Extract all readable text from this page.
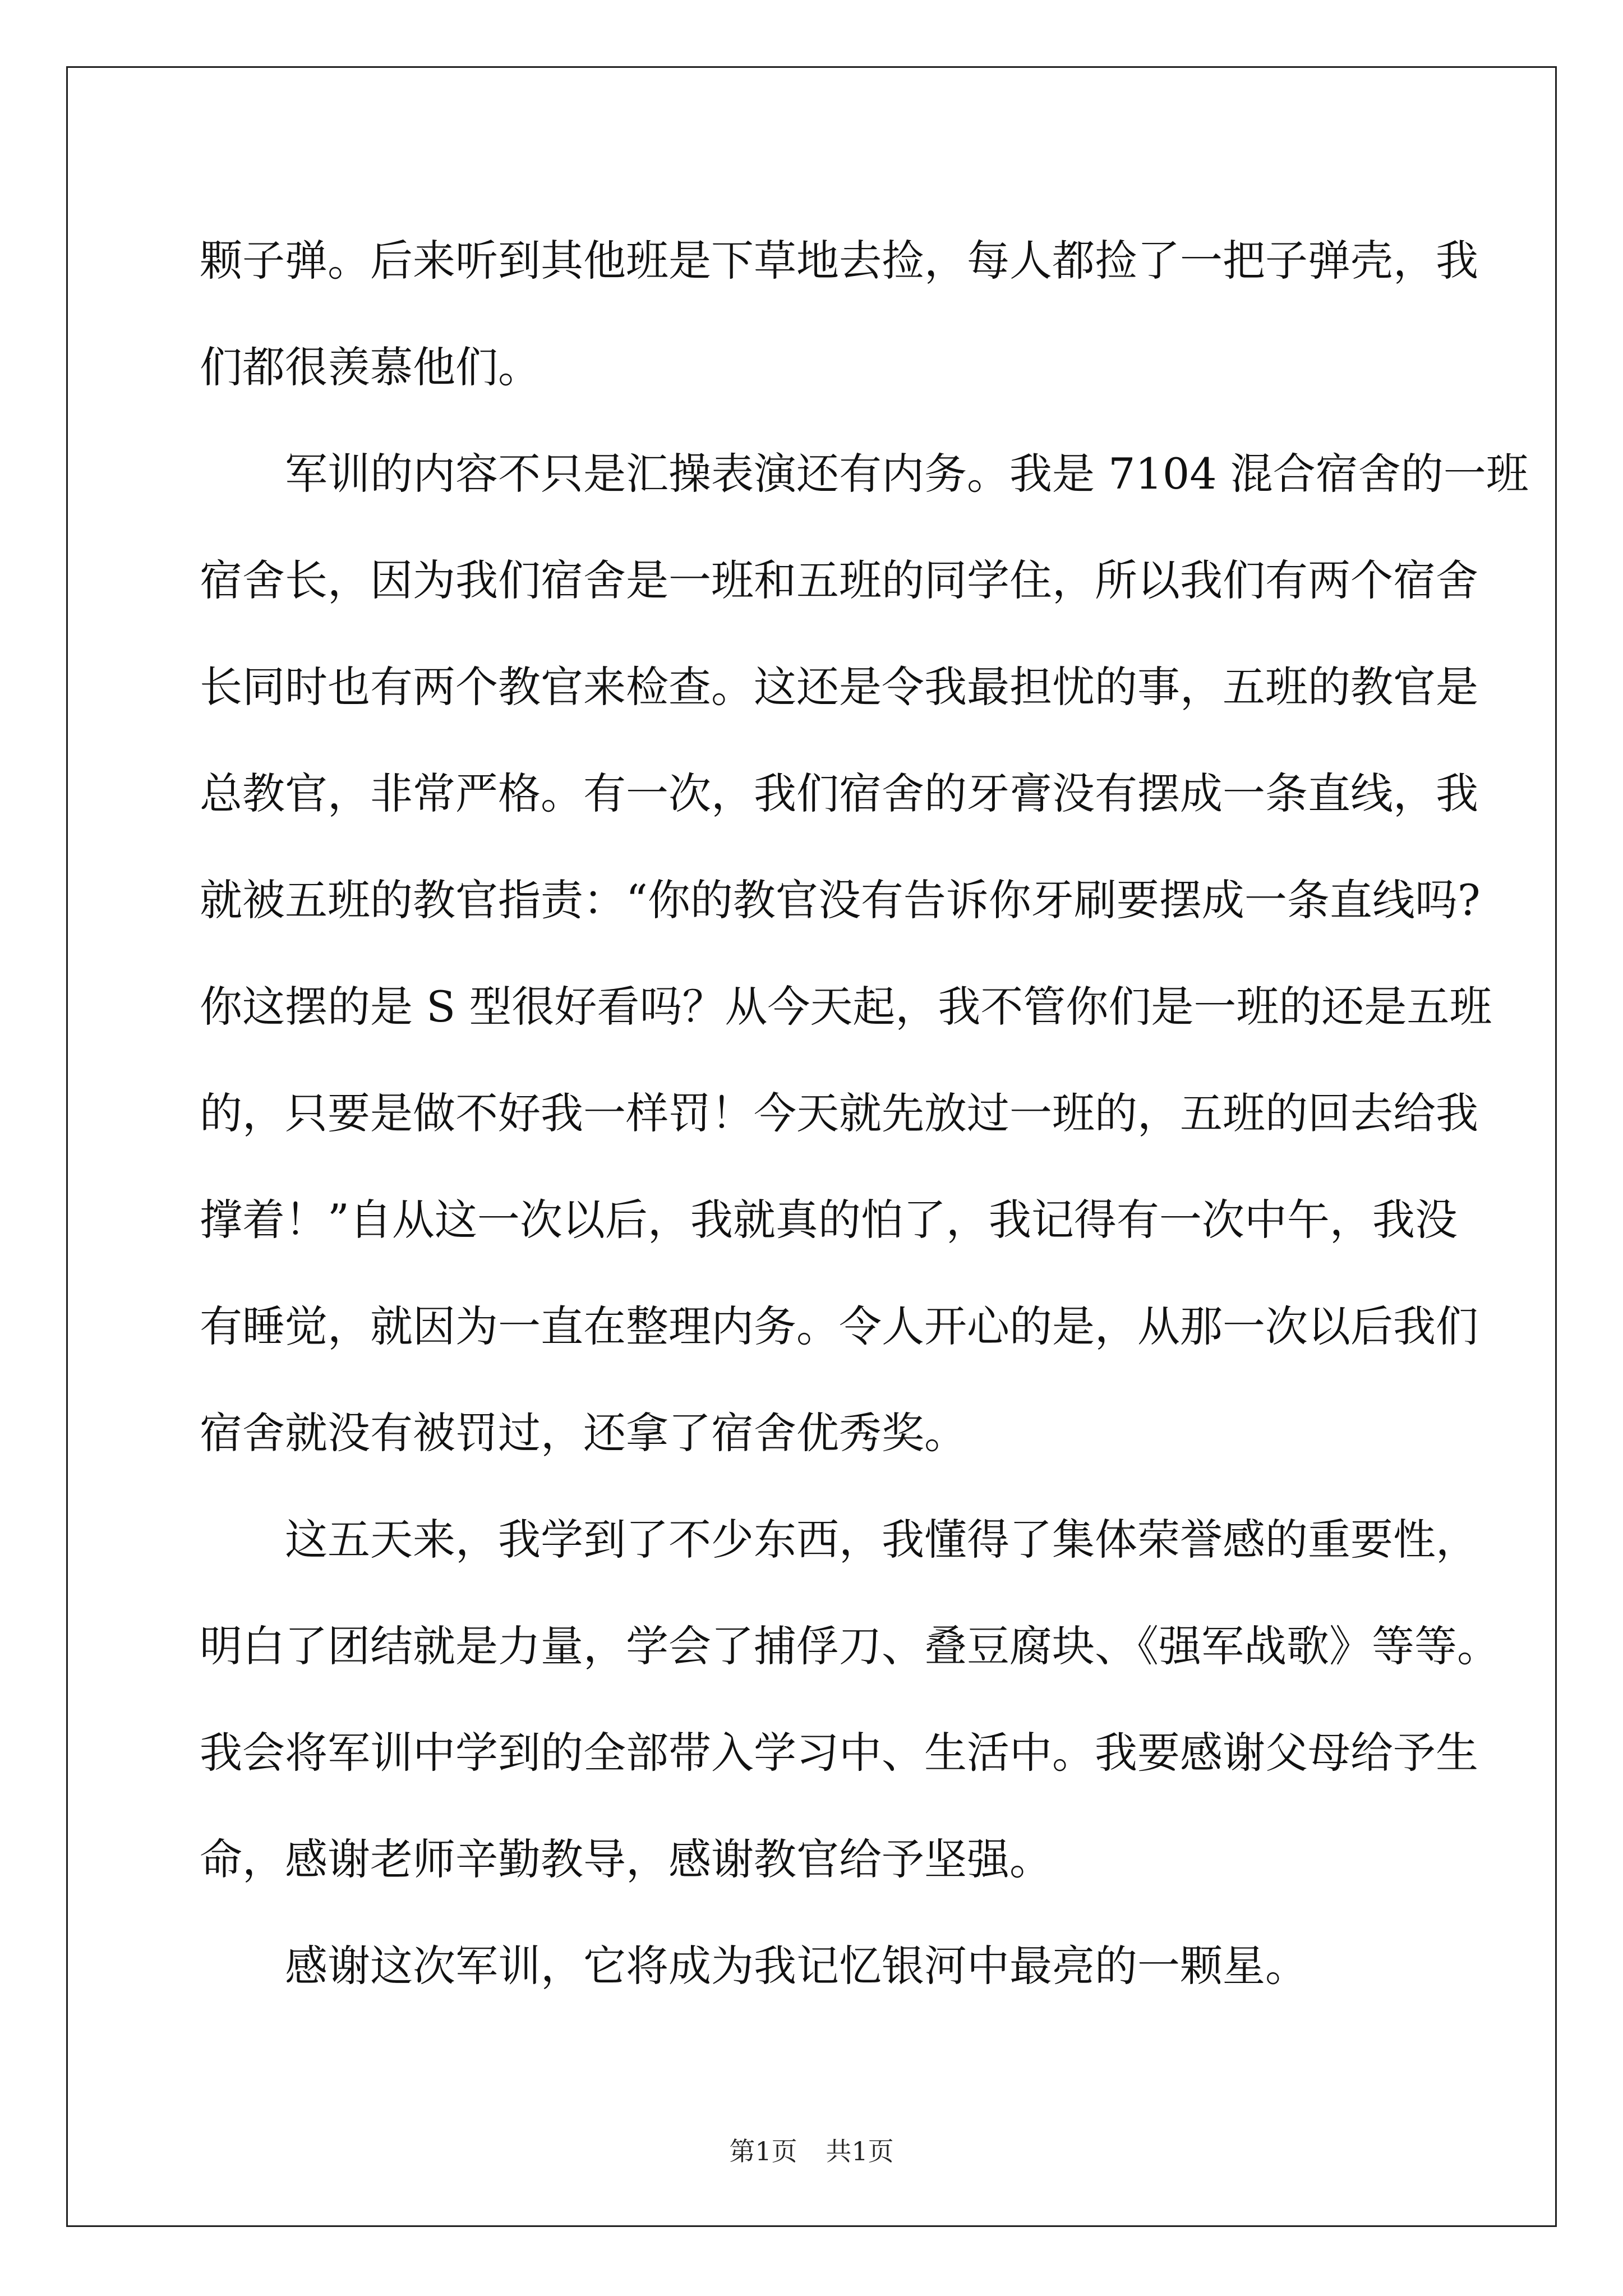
颗子弹。后来听到其他班是下草地去捡，每人都捡了一把子弹壳，我

们都很羡慕他们。

军训的内容不只是汇操表演还有内务。我是 7104 混合宿舍的一班

宿舍长，因为我们宿舍是一班和五班的同学住，所以我们有两个宿舍

长同时也有两个教官来检查。这还是令我最担忧的事，五班的教官是

总教官，非常严格。有一次，我们宿舍的牙膏没有摆成一条直线，我

就被五班的教官指责：“你的教官没有告诉你牙刷要摆成一条直线吗?

你这摆的是 S 型很好看吗？从今天起，我不管你们是一班的还是五班

的，只要是做不好我一样罚！今天就先放过一班的，五班的回去给我

撑着！”自从这一次以后，我就真的怕了，我记得有一次中午，我没

有睡觉，就因为一直在整理内务。令人开心的是，从那一次以后我们

宿舍就没有被罚过，还拿了宿舍优秀奖。

这五天来，我学到了不少东西，我懂得了集体荣誉感的重要性，

明白了团结就是力量，学会了捕俘刀、叠豆腐块、《强军战歌》等等。

我会将军训中学到的全部带入学习中、生活中。我要感谢父母给予生

命，感谢老师辛勤教导，感谢教官给予坚强。

感谢这次军训，它将成为我记忆银河中最亮的一颗星。

第1页 共1页
